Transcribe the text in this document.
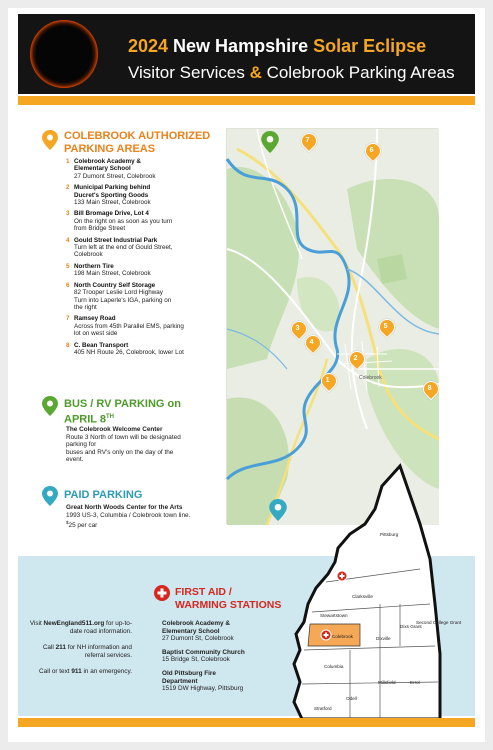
2024 New Hampshire Solar Eclipse
Visitor Services & Colebrook Parking Areas
COLEBROOK AUTHORIZED
PARKING AREAS
1 Colebrook Academy &
Elementary School
27 Dumont Street, Colebrook
2 Municipal Parking behind
Ducret's Sporting Goods
133 Main Street, Colebrook
3 Bill Bromage Drive, Lot 4
On the right on as soon as you turn
from Bridge Street
4 Gould Street Industrial Park
Turn left at the end of Gould Street,
Colebrook
5 Northern Tire
198 Main Street, Colebrook
6 North Country Self Storage
82 Trooper Leslie Lord Highway
Turn into Laperle's IGA, parking on
the right
7 Ramsey Road
Across from 45th Parallel EMS, parking
lot on west side
8 C. Bean Transport
405 NH Route 26, Colebrook, lower Lot
BUS / RV PARKING on
APRIL 8TH
The Colebrook Welcome Center
Route 3 North of town will be designated
parking for
buses and RV's only on the day of the
event.
PAID PARKING
Great North Woods Center for the Arts
1993 US-3, Columbia / Colebrook town line.
$25 per car
Colebrook
1
2
3
4
5
6
7
8
Pittsburg
Clarksville
Stewartstown
Colebrook	Dixville
Dixs Grant
Second College Grant
Columbia
Millsfield	Errol
Odell
Stratford
FIRST AID /
WARMING STATIONS
Colebrook Academy &
Elementary School
27 Dumont St, Colebrook
Baptist Community Church
15 Bridge St, Colebrook
Old Pittsburg Fire
Department
1519 DW Highway, Pittsburg

Visit NewEngland511.org for up-to-date road information.

Call 211 for NH information and referral services.

Call or text 911 in an emergency.
